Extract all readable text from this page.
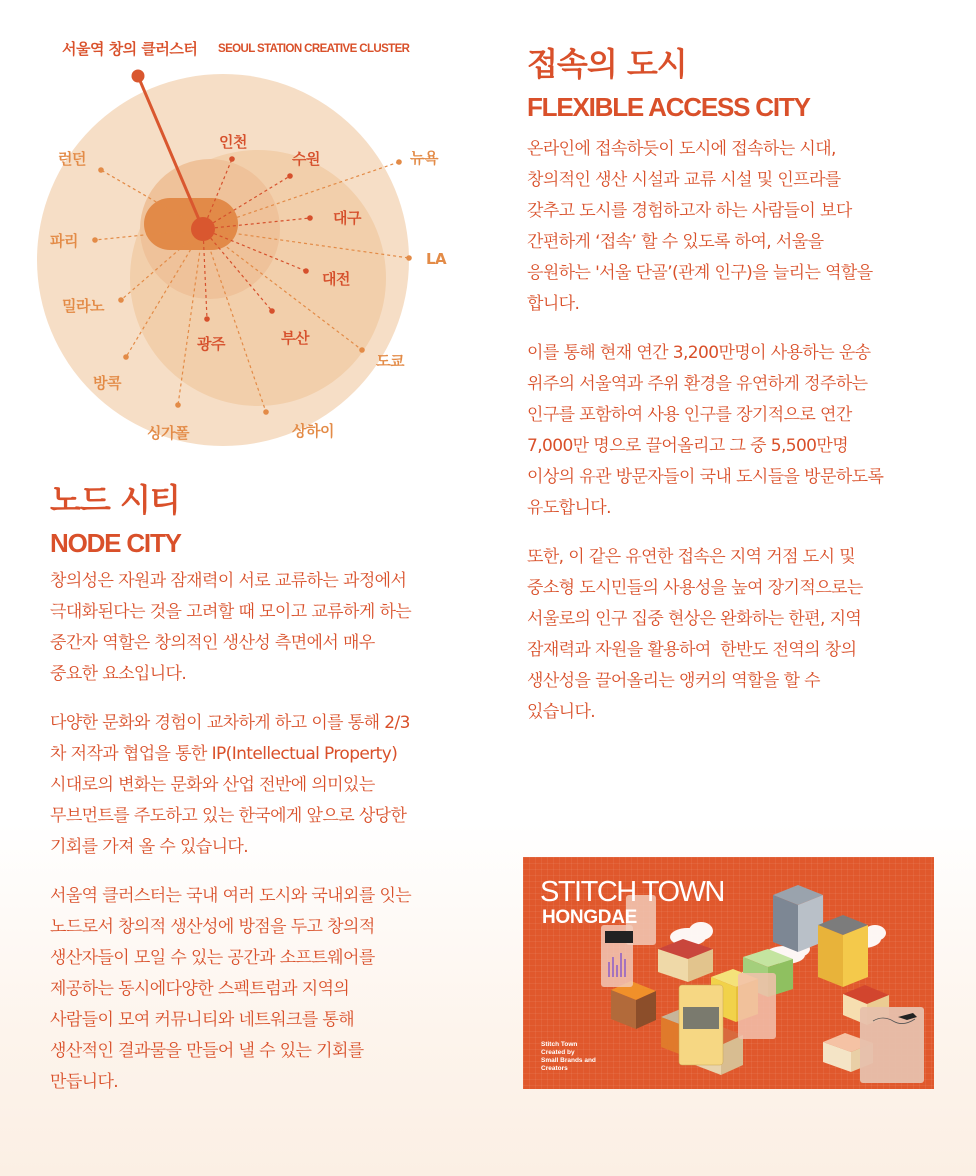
서울역 창의 클러스터 SEOUL STATION CREATIVE CLUSTER
인천
수원
대구
대전
부산
광주
런던	뉴욕
파리
LA
밀라노
도쿄
방콕
싱가폴	상하이
노드 시티
NODE CITY

창의성은 자원과 잠재력이 서로 교류하는 과정에서
극대화된다는 것을 고려할 때 모이고 교류하게 하는
중간자 역할은 창의적인 생산성 측면에서 매우
중요한 요소입니다.

다양한 문화와 경험이 교차하게 하고 이를 통해 2/3
차 저작과 협업을 통한 IP(Intellectual Property)
시대로의 변화는 문화와 산업 전반에 의미있는
무브먼트를 주도하고 있는 한국에게 앞으로 상당한
기회를 가져 올 수 있습니다.

서울역 클러스터는 국내 여러 도시와 국내외를 잇는
노드로서 창의적 생산성에 방점을 두고 창의적
생산자들이 모일 수 있는 공간과 소프트웨어를
제공하는 동시에다양한 스펙트럼과 지역의
사람들이 모여 커뮤니티와 네트워크를 통해
생산적인 결과물을 만들어 낼 수 있는 기회를
만듭니다.

접속의 도시
FLEXIBLE ACCESS CITY

온라인에 접속하듯이 도시에 접속하는 시대,
창의적인 생산 시설과 교류 시설 및 인프라를
갖추고 도시를 경험하고자 하는 사람들이 보다
간편하게 ‘접속’ 할 수 있도록 하여, 서울을
응원하는 '서울 단골’(관계 인구)을 늘리는 역할을
합니다.

이를 통해 현재 연간 3,200만명이 사용하는 운송
위주의 서울역과 주위 환경을 유연하게 정주하는
인구를 포함하여 사용 인구를 장기적으로 연간
7,000만 명으로 끌어올리고 그 중 5,500만명
이상의 유관 방문자들이 국내 도시들을 방문하도록
유도합니다.

또한, 이 같은 유연한 접속은 지역 거점 도시 및
중소형 도시민들의 사용성을 높여 장기적으로는
서울로의 인구 집중 현상은 완화하는 한편, 지역
잠재력과 자원을 활용하여  한반도 전역의 창의
생산성을 끌어올리는 앵커의 역할을 할 수
있습니다.

STITCH TOWN
HONGDAE
Stitch Town
Created by
Small Brands and
Creators
